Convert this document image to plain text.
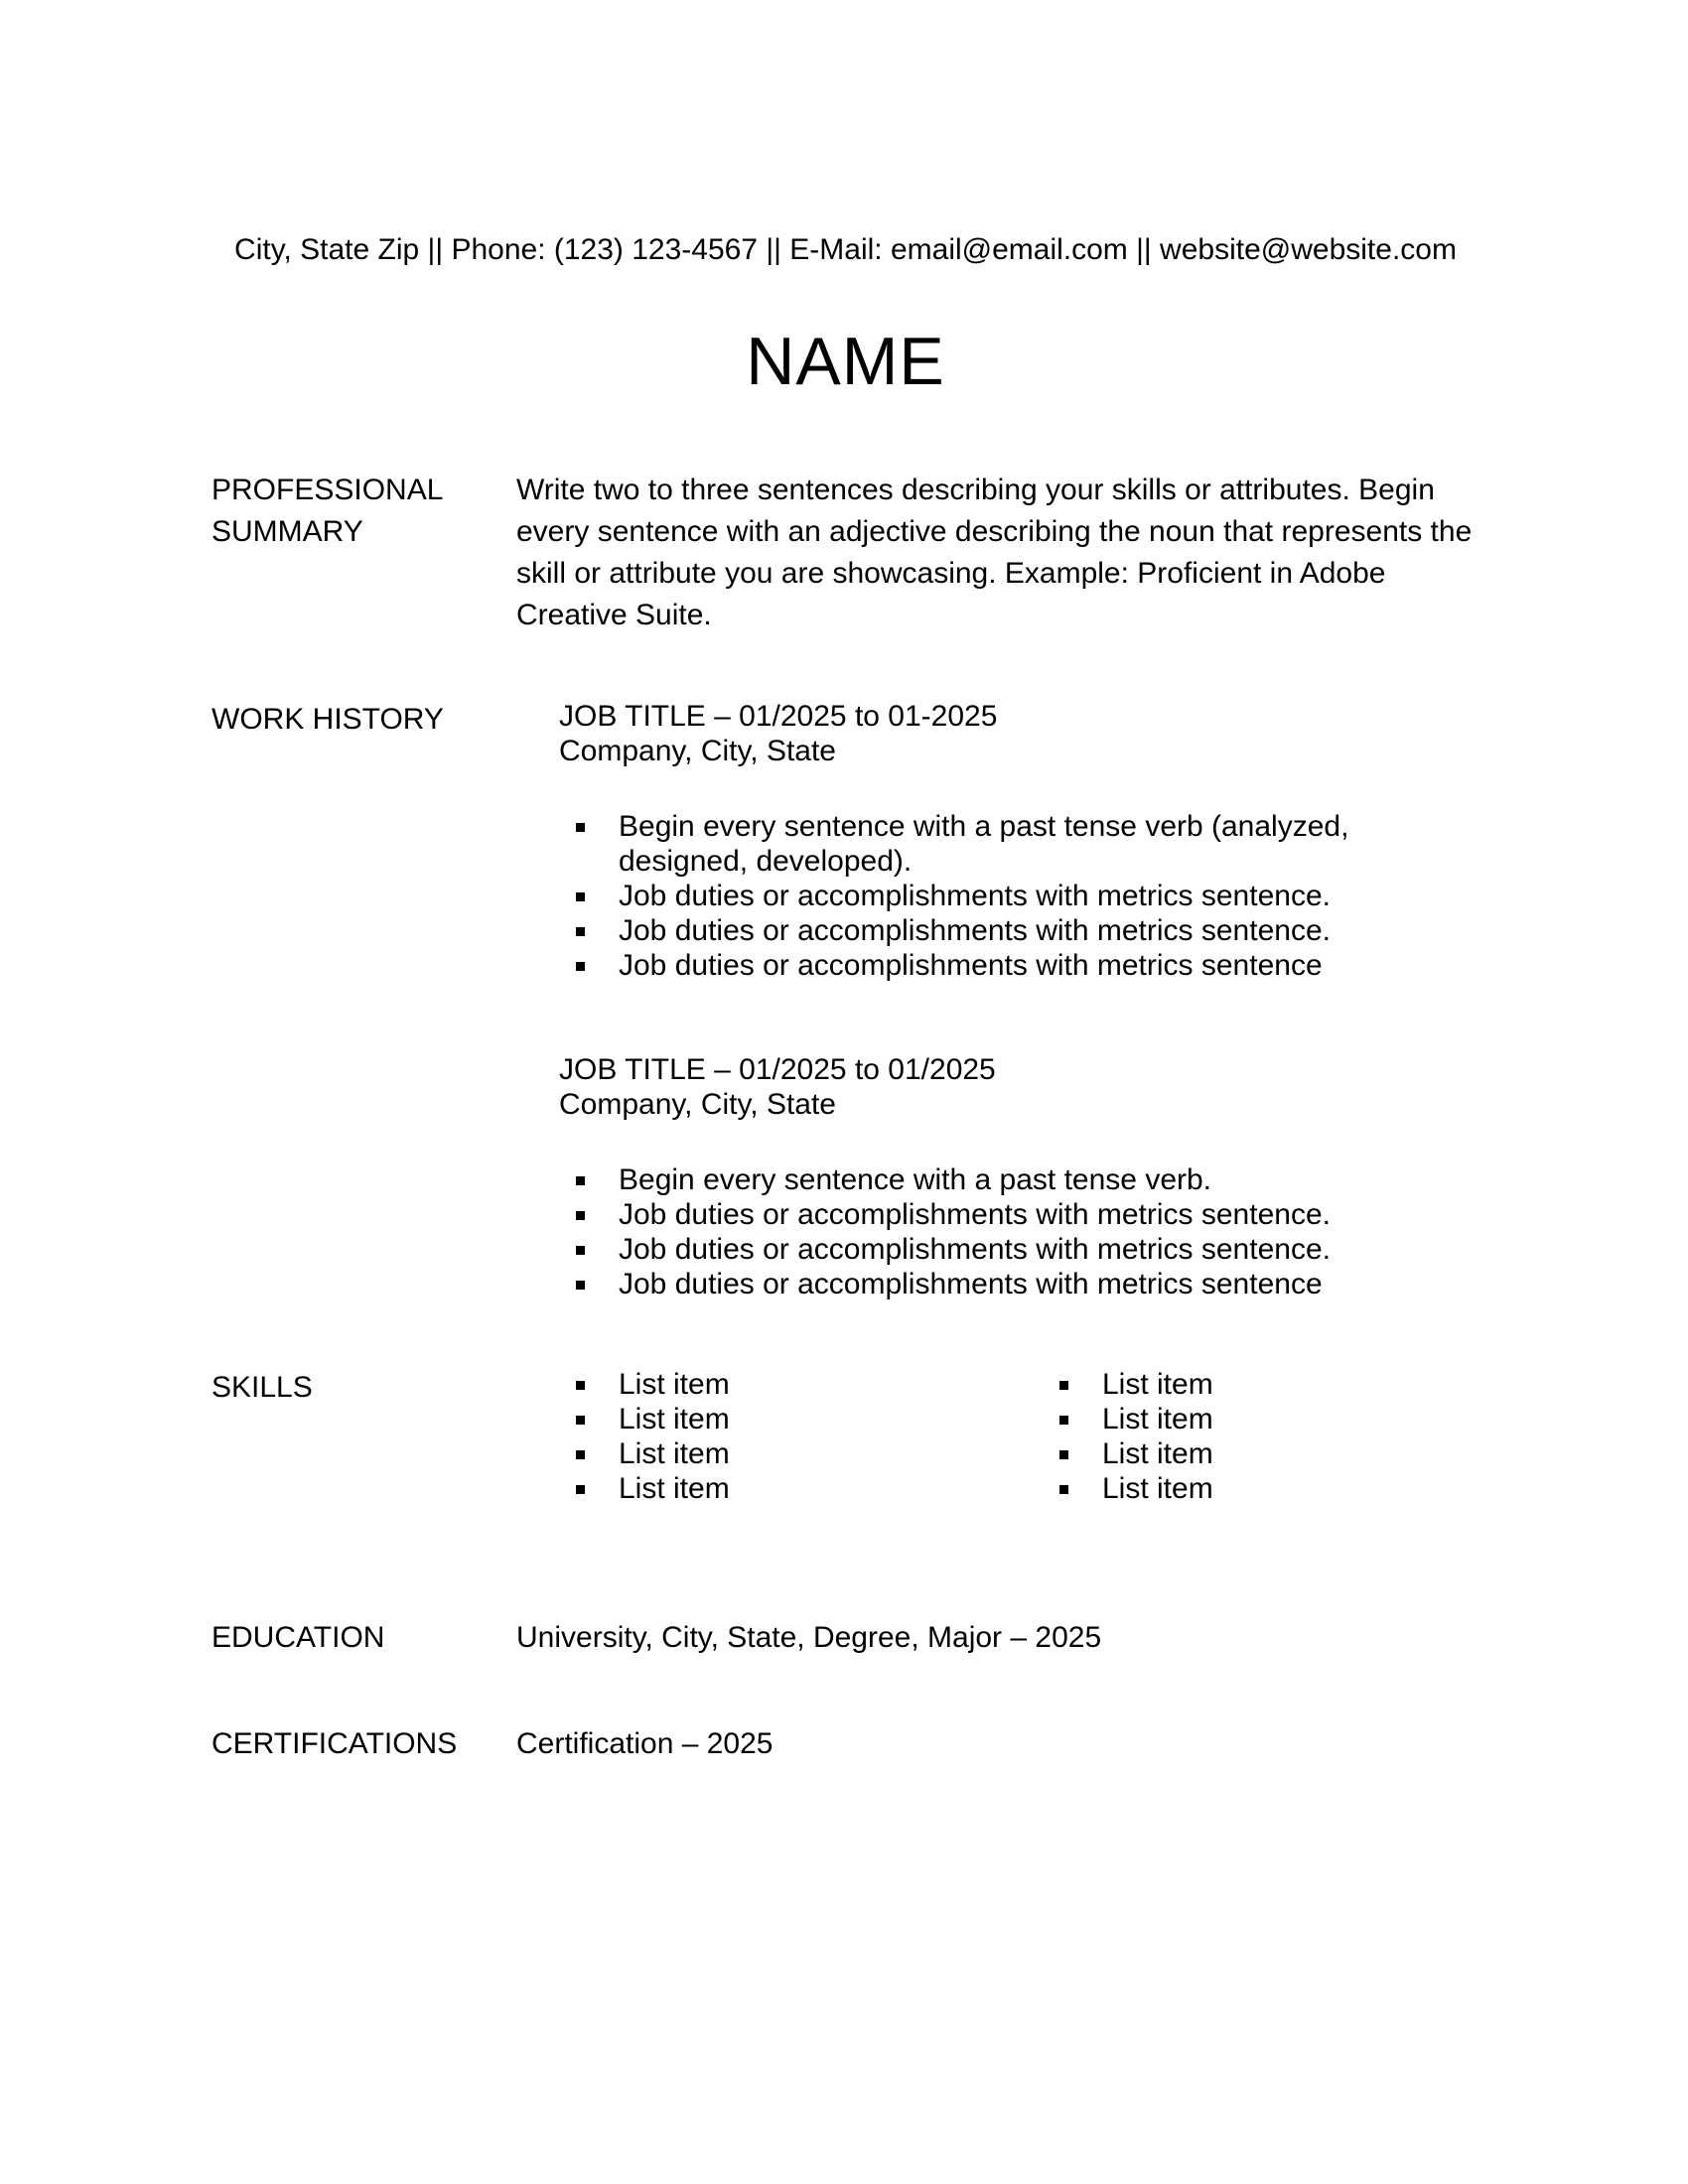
City, State Zip || Phone: (123) 123-4567 || E-Mail: email@email.com || website@website.com
NAME
PROFESSIONAL SUMMARY
Write two to three sentences describing your skills or attributes. Begin every sentence with an adjective describing the noun that represents the skill or attribute you are showcasing. Example: Proficient in Adobe Creative Suite.
WORK HISTORY	JOB TITLE – 01/2025 to 01-2025
Company, City, State
Begin every sentence with a past tense verb (analyzed, designed, developed).
Job duties or accomplishments with metrics sentence.
Job duties or accomplishments with metrics sentence.
Job duties or accomplishments with metrics sentence
JOB TITLE – 01/2025 to 01/2025
Company, City, State
Begin every sentence with a past tense verb.
Job duties or accomplishments with metrics sentence.
Job duties or accomplishments with metrics sentence.
Job duties or accomplishments with metrics sentence
SKILLS	List item
List item
List item
List item
List item
List item
List item
List item
EDUCATION	University, City, State, Degree, Major – 2025
CERTIFICATIONS	Certification – 2025
